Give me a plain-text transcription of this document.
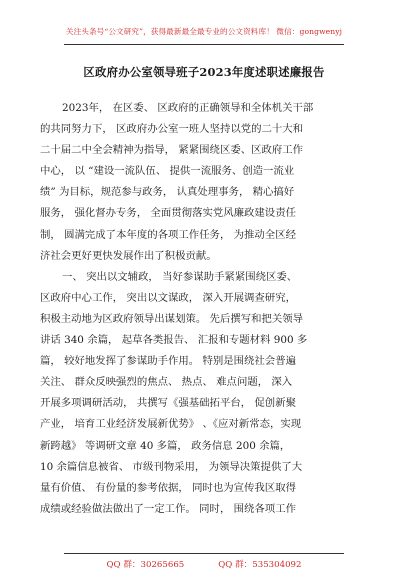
关注头条号“公文研究”，获得最新最全最专业的公文资料库！ 微信：gongwenyj
区政府办公室领导班子2023年度述职述廉报告
2023年， 在区委、 区政府的正确领导和全体机关干部
的共同努力下， 区政府办公室一班人坚持以党的二十大和
二十届二中全会精神为指导， 紧紧围绕区委、区政府工作
中心， 以 “建设一流队伍、 提供一流服务、创造一流业
绩” 为目标，规范参与政务， 认真处理事务， 精心搞好
服务， 强化督办专务， 全面贯彻落实党风廉政建设责任
制， 圆满完成了本年度的各项工作任务， 为推动全区经
济社会更好更快发展作出了积极贡献。
一、 突出以文辅政， 当好参谋助手紧紧围绕区委、
区政府中心工作， 突出以文谋政， 深入开展调查研究，
积极主动地为区政府领导出谋划策。 先后撰写和把关领导
讲话 340 余篇， 起草各类报告、 汇报和专题材料 900 多
篇， 较好地发挥了参谋助手作用。 特别是围绕社会普遍
关注、 群众反映强烈的焦点、 热点、 难点问题， 深入
开展多项调研活动， 共撰写《强基础拓平台， 促创新聚
产业， 培育工业经济发展新优势》 、《应对新常态，实现
新跨越》 等调研文章 40 多篇， 政务信息 200 余篇，
10 余篇信息被省、 市级刊物采用， 为领导决策提供了大
量有价值、 有份量的参考依据， 同时也为宣传我区取得
成绩或经验做法做出了一定工作。 同时， 围绕各项工作
QQ 群：30265665	QQ 群：535304092
